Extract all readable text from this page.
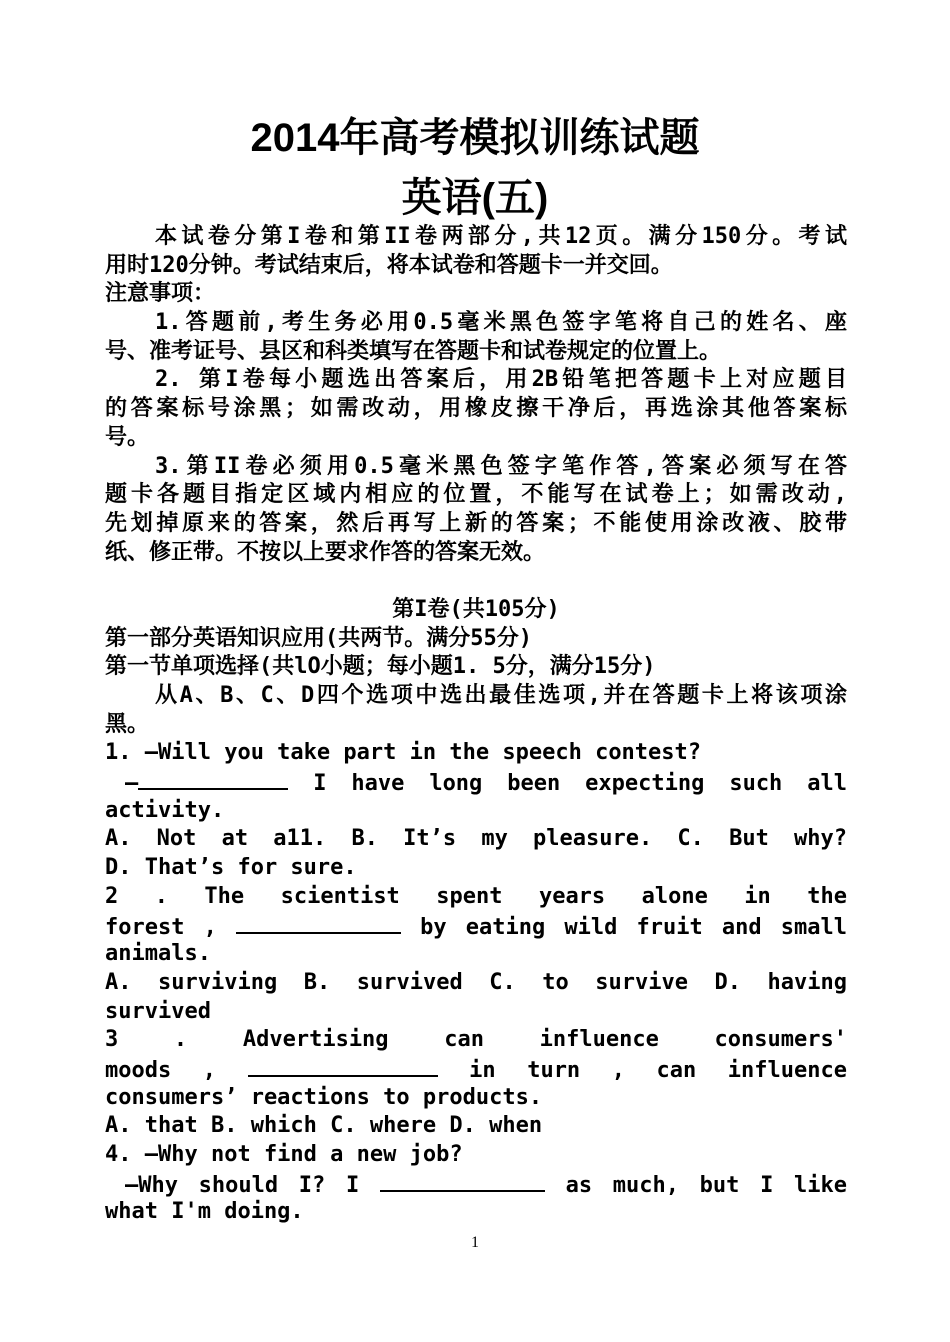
2014年高考模拟训练试题
英语(五)
本试卷分第I卷和第II卷两部分,共12页。满分150分。考试
用时120分钟。考试结束后，将本试卷和答题卡一并交回。
注意事项：
1.答题前,考生务必用0.5毫米黑色签字笔将自己的姓名、座
号、准考证号、县区和科类填写在答题卡和试卷规定的位置上。
2. 第I卷每小题选出答案后，用2B铅笔把答题卡上对应题目
的答案标号涂黑；如需改动，用橡皮擦干净后，再选涂其他答案标
号。
3.第II卷必须用0.5毫米黑色签字笔作答,答案必须写在答
题卡各题目指定区域内相应的位置，不能写在试卷上；如需改动,
先划掉原来的答案，然后再写上新的答案；不能使用涂改液、胶带
纸、修正带。不按以上要求作答的答案无效。
第I卷(共105分)
第一部分英语知识应用(共两节。满分55分)
第一节单项选择(共lO小题；每小题1. 5分，满分15分)
从A、B、C、D四个选项中选出最佳选项,并在答题卡上将该项涂
黑。
1. —Will you take part in the speech contest?
—	I have long been expecting such all
activity.
A. Not at a11. B. It’s my pleasure. C. But why?
D. That’s for sure.
2 . The scientist spent years alone in the
forest ,	by eating wild fruit and small
animals.
A. surviving B. survived C. to survive D. having
survived
3 . Advertising can influence consumers'
moods ,	in turn , can influence
consumers’ reactions to products.
A. that B. which C. where D. when
4. —Why not find a new job?
—Why should I? I	as much, but I like
what I'm doing.
1
